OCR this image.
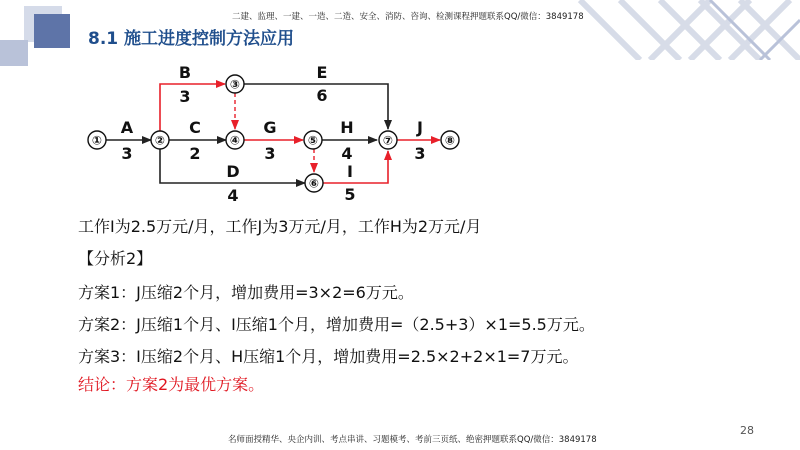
二建、监理、一建、一造、二造、安全、消防、咨询、检测课程押题联系QQ/微信：3849178
8.1 施工进度控制方法应用
①	②
③
④	⑤
⑥
⑦	⑧
A
3
B
3
C
2
D
4
E
6
G
3
H
4
I
5
J
3
工作I为2.5万元/月，工作J为3万元/月，工作H为2万元/月
【分析2】
方案1：J压缩2个月，增加费用=3×2=6万元。
方案2：J压缩1个月、I压缩1个月，增加费用=（2.5+3）×1=5.5万元。
方案3：I压缩2个月、H压缩1个月，增加费用=2.5×2+2×1=7万元。
结论：方案2为最优方案。
28
名师面授精华、央企内训、考点串讲、习题模考、考前三页纸、绝密押题联系QQ/微信：3849178
